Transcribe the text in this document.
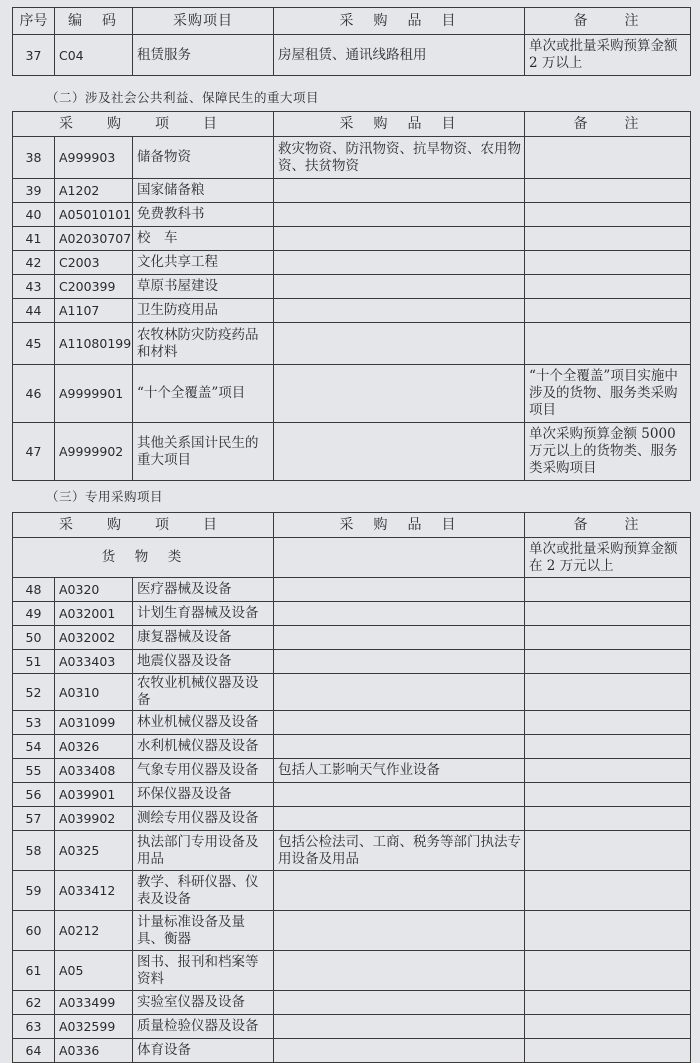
序号	编　码	采购项目	采　购　品　目	备　　注
37	C04	租赁服务	房屋租赁、通讯线路租用	单次或批量采购预算金额 2 万以上
（二）涉及社会公共利益、保障民生的重大项目
采　购　项　目			采　购　品　目	备　　注
38	A999903	储备物资	救灾物资、防汛物资、抗旱物资、农用物资、扶贫物资	
39	A1202	国家储备粮		
40	A05010101	免费教科书		
41	A02030707	校　车		
42	C2003	文化共享工程		
43	C200399	草原书屋建设		
44	A1107	卫生防疫用品		
45	A11080199	农牧林防灾防疫药品和材料		
46	A9999901	“十个全覆盖”项目		“十个全覆盖”项目实施中涉及的货物、服务类采购项目
47	A9999902	其他关系国计民生的重大项目		单次采购预算金额 5000 万元以上的货物类、服务类采购项目
（三）专用采购项目
采　购　项　目			采　购　品　目	备　　注
货　物　类				单次或批量采购预算金额在 2 万元以上
48	A0320	医疗器械及设备		
49	A032001	计划生育器械及设备		
50	A032002	康复器械及设备		
51	A033403	地震仪器及设备		
52	A0310	农牧业机械仪器及设备		
53	A031099	林业机械仪器及设备		
54	A0326	水利机械仪器及设备		
55	A033408	气象专用仪器及设备	包括人工影响天气作业设备	
56	A039901	环保仪器及设备		
57	A039902	测绘专用仪器及设备		
58	A0325	执法部门专用设备及用品	包括公检法司、工商、税务等部门执法专用设备及用品	
59	A033412	教学、科研仪器、仪表及设备		
60	A0212	计量标准设备及量具、衡器		
61	A05	图书、报刊和档案等资料		
62	A033499	实验室仪器及设备		
63	A032599	质量检验仪器及设备		
64	A0336	体育设备		
